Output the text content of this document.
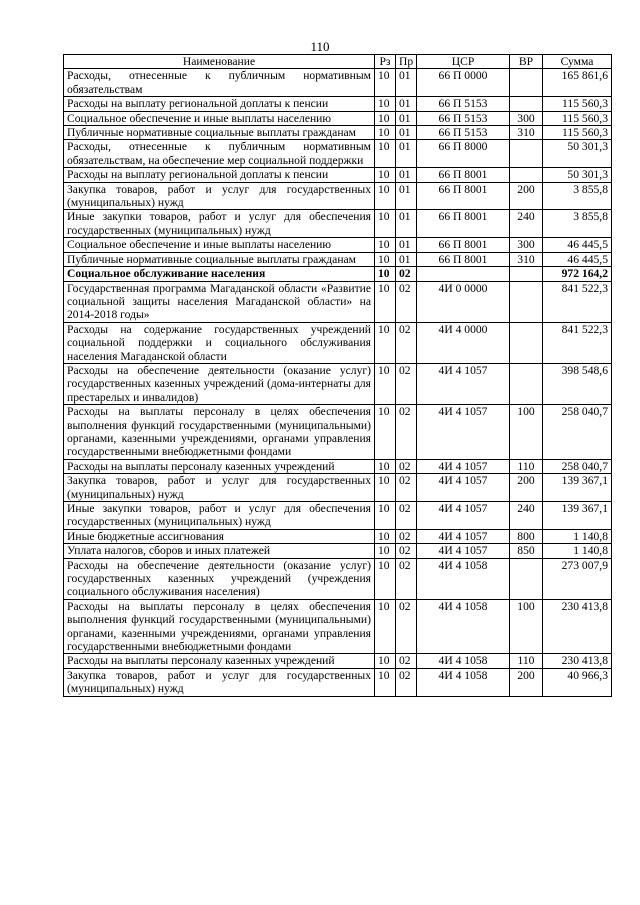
110
Наименование	Рз	Пр	ЦСР	ВР	Сумма
Расходы, отнесенные к публичным нормативным обязательствам	10	01	66 П 0000		165 861,6
Расходы на выплату региональной доплаты к пенсии	10	01	66 П 5153		115 560,3
Социальное обеспечение и иные выплаты населению	10	01	66 П 5153	300	115 560,3
Публичные нормативные социальные выплаты гражданам	10	01	66 П 5153	310	115 560,3
Расходы, отнесенные к публичным нормативным обязательствам, на обеспечение мер социальной поддержки	10	01	66 П 8000		50 301,3
Расходы на выплату региональной доплаты к пенсии	10	01	66 П 8001		50 301,3
Закупка товаров, работ и услуг для государственных (муниципальных) нужд	10	01	66 П 8001	200	3 855,8
Иные закупки товаров, работ и услуг для обеспечения государственных (муниципальных) нужд	10	01	66 П 8001	240	3 855,8
Социальное обеспечение и иные выплаты населению	10	01	66 П 8001	300	46 445,5
Публичные нормативные социальные выплаты гражданам	10	01	66 П 8001	310	46 445,5
Социальное обслуживание населения	10	02			972 164,2
Государственная программа Магаданской области «Развитие социальной защиты населения Магаданской области» на 2014-2018 годы»	10	02	4И 0 0000		841 522,3
Расходы на содержание государственных учреждений социальной поддержки и социального обслуживания населения Магаданской области	10	02	4И 4 0000		841 522,3
Расходы на обеспечение деятельности (оказание услуг) государственных казенных учреждений (дома-интернаты для престарелых и инвалидов)	10	02	4И 4 1057		398 548,6
Расходы на выплаты персоналу в целях обеспечения выполнения функций государственными (муниципальными) органами, казенными учреждениями, органами управления государственными внебюджетными фондами	10	02	4И 4 1057	100	258 040,7
Расходы на выплаты персоналу казенных учреждений	10	02	4И 4 1057	110	258 040,7
Закупка товаров, работ и услуг для государственных (муниципальных) нужд	10	02	4И 4 1057	200	139 367,1
Иные закупки товаров, работ и услуг для обеспечения государственных (муниципальных) нужд	10	02	4И 4 1057	240	139 367,1
Иные бюджетные ассигнования	10	02	4И 4 1057	800	1 140,8
Уплата налогов, сборов и иных платежей	10	02	4И 4 1057	850	1 140,8
Расходы на обеспечение деятельности (оказание услуг) государственных казенных учреждений (учреждения социального обслуживания населения)	10	02	4И 4 1058		273 007,9
Расходы на выплаты персоналу в целях обеспечения выполнения функций государственными (муниципальными) органами, казенными учреждениями, органами управления государственными внебюджетными фондами	10	02	4И 4 1058	100	230 413,8
Расходы на выплаты персоналу казенных учреждений	10	02	4И 4 1058	110	230 413,8
Закупка товаров, работ и услуг для государственных (муниципальных) нужд	10	02	4И 4 1058	200	40 966,3
